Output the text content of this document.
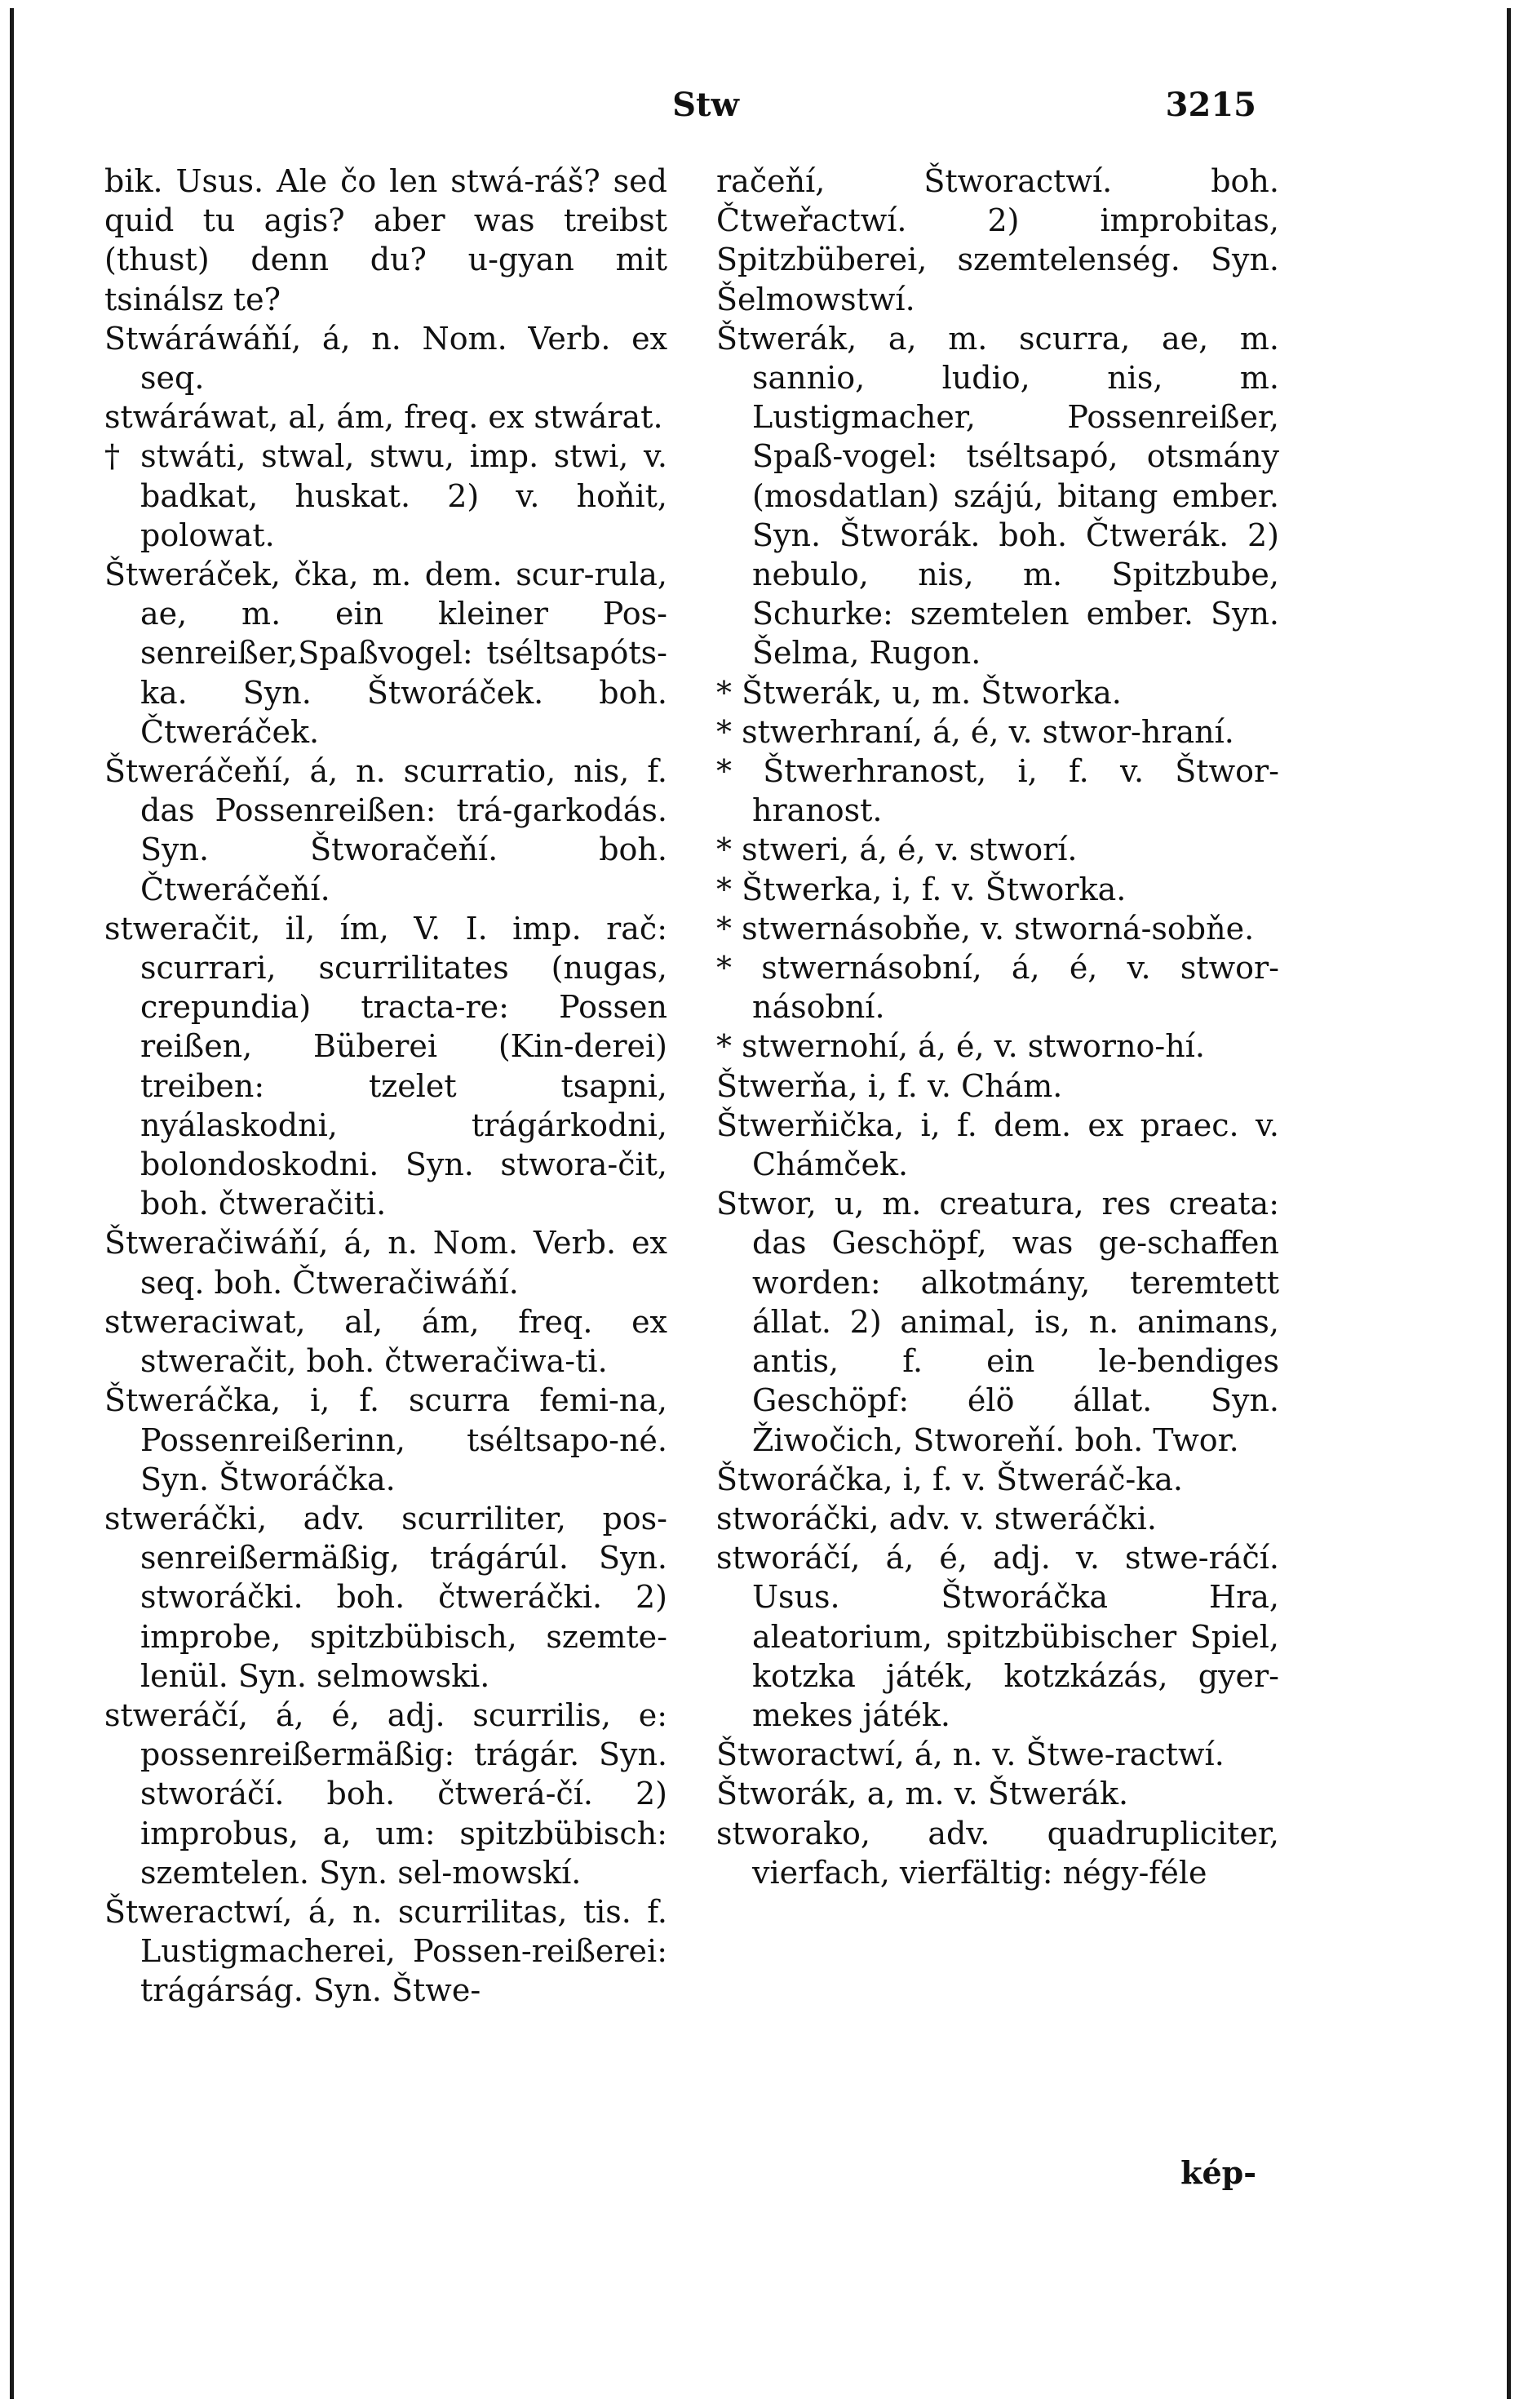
Stw	3215

bik. Usus. Ale čo len stwá-ráš? sed quid tu agis? aber was treibst (thust) denn du? u-gyan mit tsinálsz te?

Stwáráwáňí, á, n. Nom. Verb. ex seq.

stwáráwat, al, ám, freq. ex stwárat.

† stwáti, stwal, stwu, imp. stwi, v. badkat, huskat. 2) v. hoňit, polowat.

Štweráček, čka, m. dem. scur-rula, ae, m. ein kleiner Pos-senreißer,Spaßvogel: tséltsapóts-ka. Syn. Štworáček. boh. Čtweráček.

Štweráčeňí, á, n. scurratio, nis, f. das Possenreißen: trá-garkodás. Syn. Štworačeňí. boh. Čtweráčeňí.

stweračit, il, ím, V. I. imp. rač: scurrari, scurrilitates (nugas, crepundia) tracta-re: Possen reißen, Büberei (Kin-derei) treiben: tzelet tsapni, nyálaskodni, trágárkodni, bolondoskodni. Syn. stwora-čit, boh. čtweračiti.

Štweračiwáňí, á, n. Nom. Verb. ex seq. boh. Čtweračiwáňí.

stweraciwat, al, ám, freq. ex stweračit, boh. čtweračiwa-ti.

Štweráčka, i, f. scurra femi-na, Possenreißerinn, tséltsapo-né. Syn. Štworáčka.

stweráčki, adv. scurriliter, pos-senreißermäßig, trágárúl. Syn. stworáčki. boh. čtweráčki. 2) improbe, spitzbübisch, szemte-lenül. Syn. selmowski.

stweráčí, á, é, adj. scurrilis, e: possenreißermäßig: trágár. Syn. stworáčí. boh. čtwerá-čí. 2) improbus, a, um: spitzbübisch: szemtelen. Syn. sel-mowskí.

Štweractwí, á, n. scurrilitas, tis. f. Lustigmacherei, Possen-reißerei: trágárság. Syn. Štwe-

račeňí, Štworactwí. boh. Čtweřactwí. 2) improbitas, Spitzbüberei, szemtelenség. Syn. Šelmowstwí.

Štwerák, a, m. scurra, ae, m. sannio, ludio, nis, m. Lustigmacher, Possenreißer, Spaß-vogel: tséltsapó, otsmány (mosdatlan) szájú, bitang ember. Syn. Štworák. boh. Čtwerák. 2) nebulo, nis, m. Spitzbube, Schurke: szemtelen ember. Syn. Šelma, Rugon.

* Štwerák, u, m. Štworka.

* stwerhraní, á, é, v. stwor-hraní.

* Štwerhranost, i, f. v. Štwor-hranost.

* stweri, á, é, v. stworí.

* Štwerka, i, f. v. Štworka.

* stwernásobňe, v. stworná-sobňe.

* stwernásobní, á, é, v. stwor-násobní.

* stwernohí, á, é, v. stworno-hí.

Štwerňa, i, f. v. Chám.

Štwerňička, i, f. dem. ex praec. v. Chámček.

Stwor, u, m. creatura, res creata: das Geschöpf, was ge-schaffen worden: alkotmány, teremtett állat. 2) animal, is, n. animans, antis, f. ein le-bendiges Geschöpf: élö állat. Syn. Žiwočich, Stworeňí. boh. Twor.

Štworáčka, i, f. v. Štweráč-ka.

stworáčki, adv. v. stweráčki.

stworáčí, á, é, adj. v. stwe-ráčí. Usus. Štworáčka Hra, aleatorium, spitzbübischer Spiel, kotzka játék, kotzkázás, gyer-mekes játék.

Štworactwí, á, n. v. Štwe-ractwí.

Štworák, a, m. v. Štwerák.

stworako, adv. quadrupliciter, vierfach, vierfältig: négy-féle

kép-
